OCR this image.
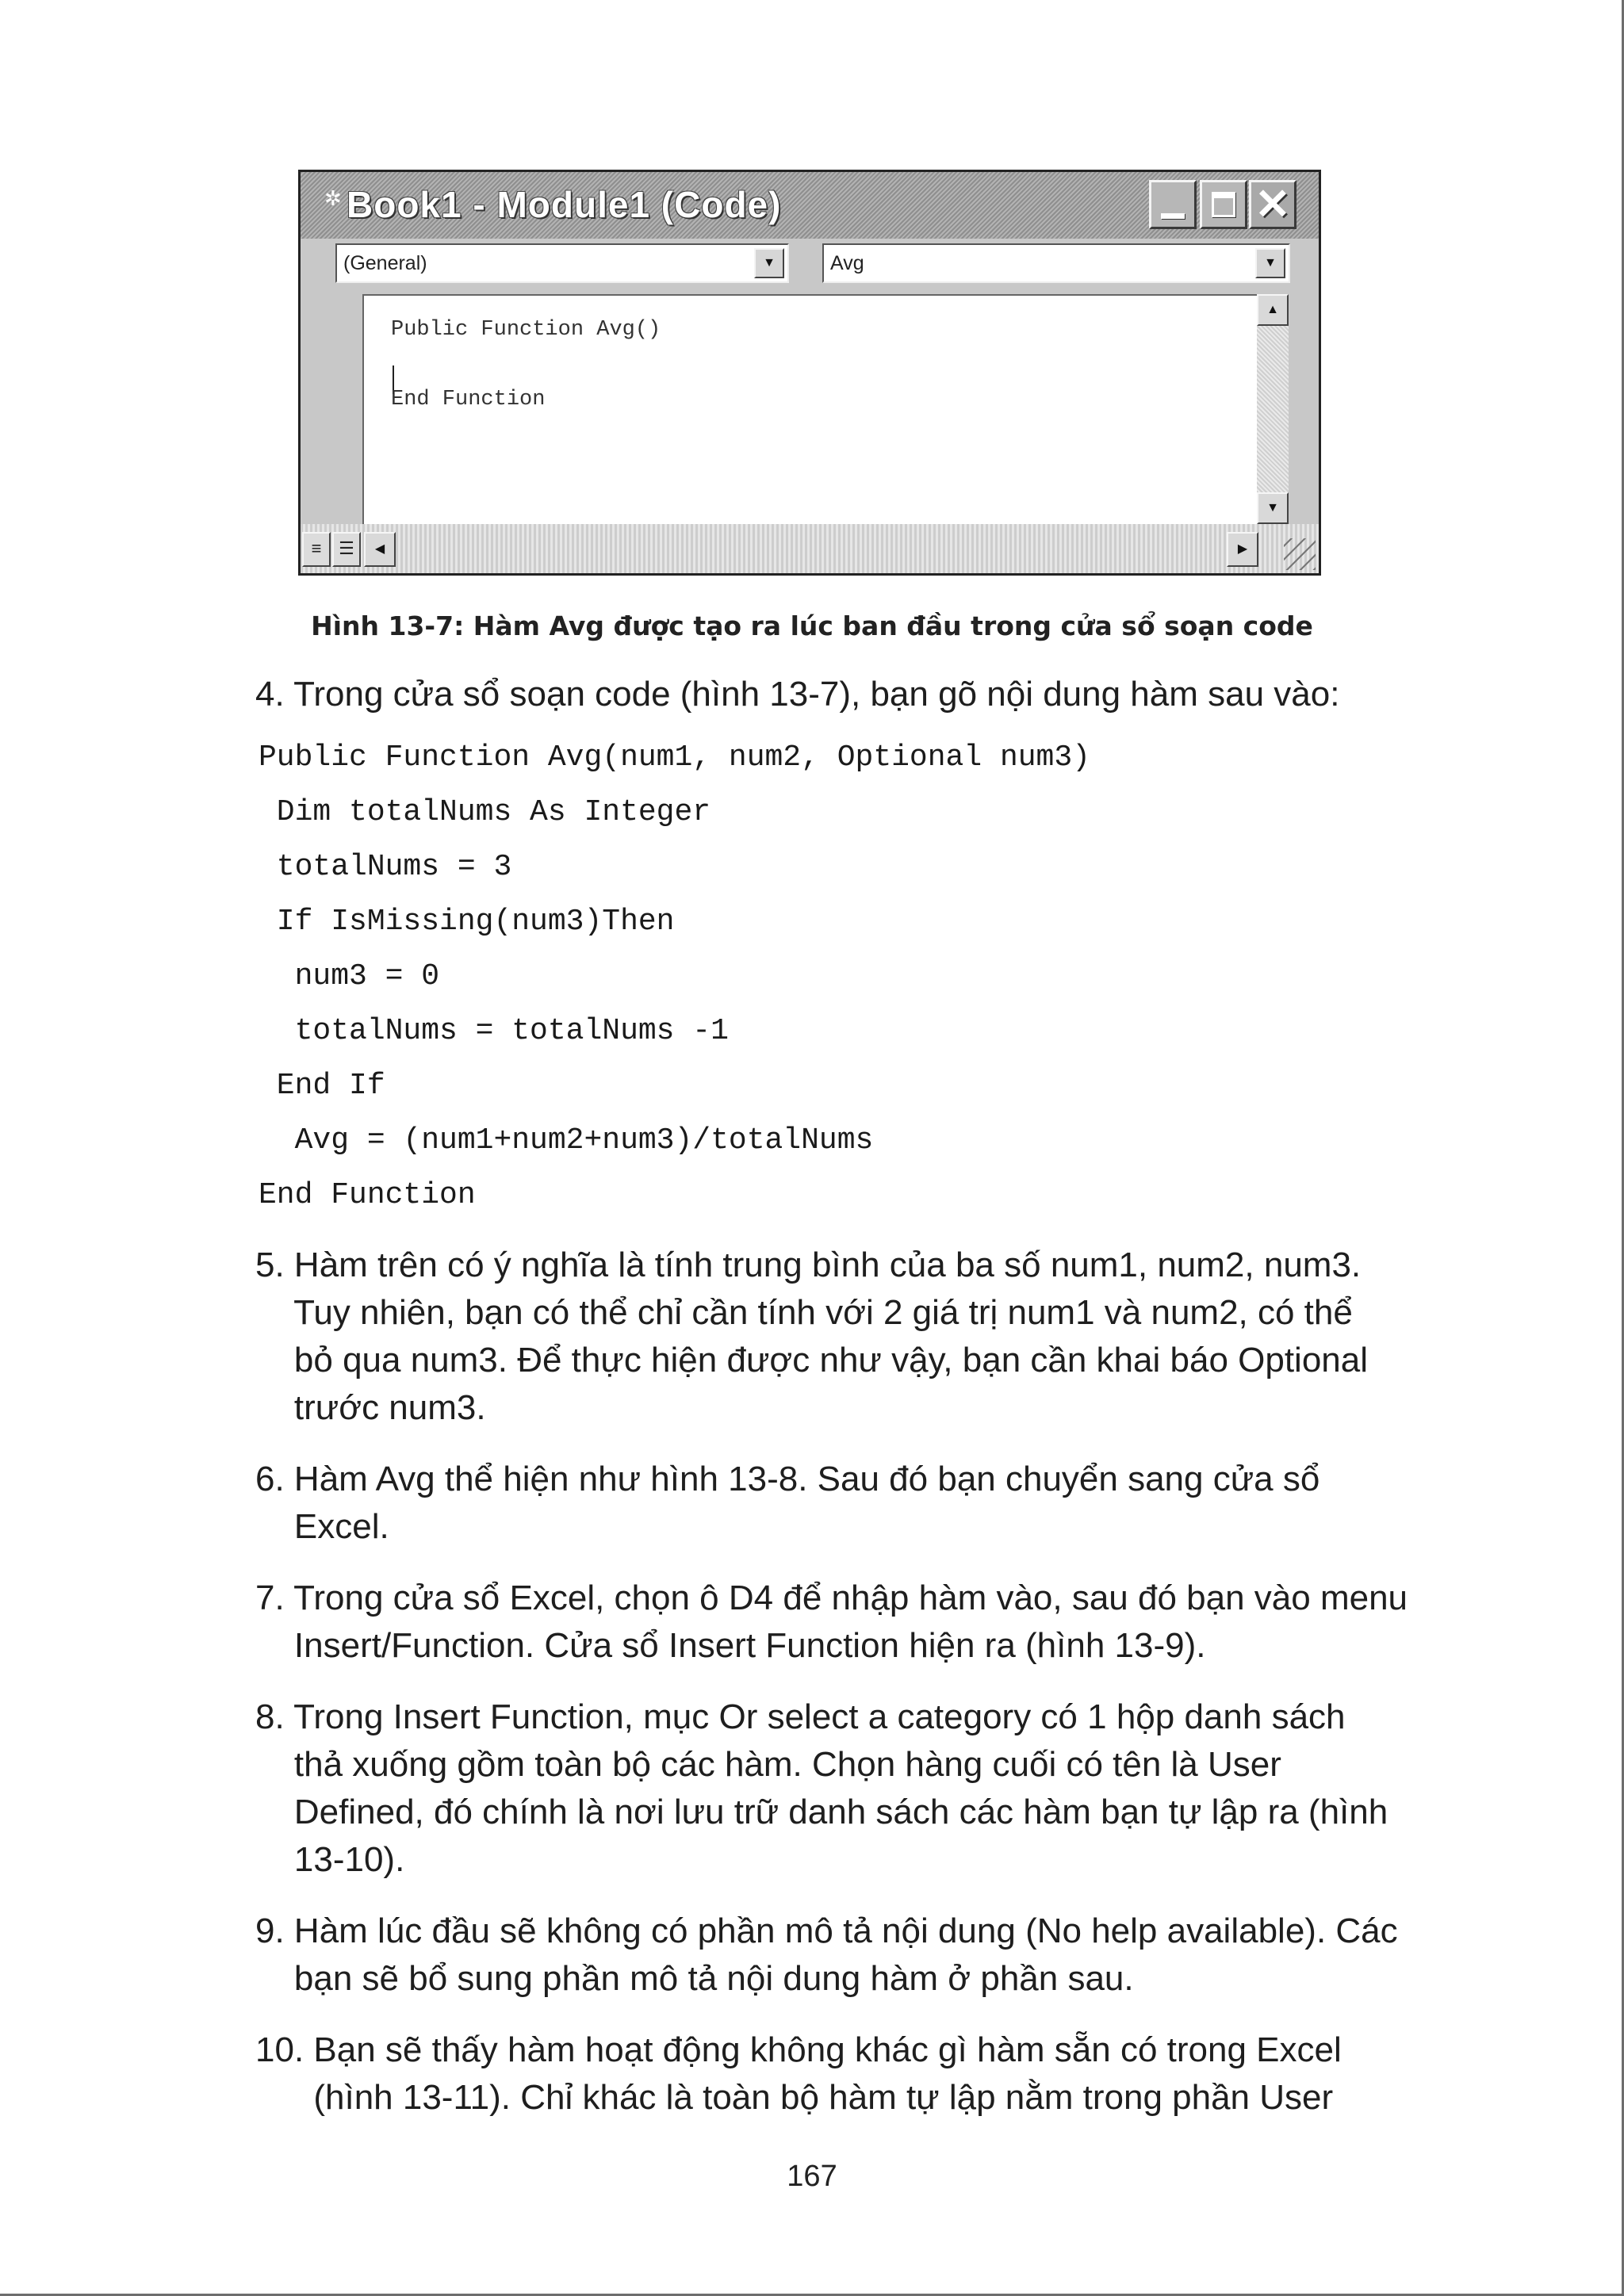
✲ Book1 - Module1 (Code)	✕
(General)	▼	Avg	▼
Public Function Avg()
End Function
▲
▼
≡ ☰	◀	▶
Hình 13-7: Hàm Avg được tạo ra lúc ban đầu trong cửa sổ soạn code
4. Trong cửa sổ soạn code (hình 13-7), bạn gõ nội dung hàm sau vào:
Public Function Avg(num1, num2, Optional num3)
Dim totalNums As Integer
totalNums = 3
If IsMissing(num3)Then
num3 = 0
totalNums = totalNums -1
End If
Avg = (num1+num2+num3)/totalNums
End Function
5. Hàm trên có ý nghĩa là tính trung bình của ba số num1, num2, num3.
Tuy nhiên, bạn có thể chỉ cần tính với 2 giá trị num1 và num2, có thể
bỏ qua num3. Để thực hiện được như vậy, bạn cần khai báo Optional
trước num3.
6. Hàm Avg thể hiện như hình 13-8. Sau đó bạn chuyển sang cửa sổ
Excel.
7. Trong cửa sổ Excel, chọn ô D4 để nhập hàm vào, sau đó bạn vào menu
Insert/Function. Cửa sổ Insert Function hiện ra (hình 13-9).
8. Trong Insert Function, mục Or select a category có 1 hộp danh sách
thả xuống gồm toàn bộ các hàm. Chọn hàng cuối có tên là User
Defined, đó chính là nơi lưu trữ danh sách các hàm bạn tự lập ra (hình
13-10).
9. Hàm lúc đầu sẽ không có phần mô tả nội dung (No help available). Các
bạn sẽ bổ sung phần mô tả nội dung hàm ở phần sau.
10. Bạn sẽ thấy hàm hoạt động không khác gì hàm sẵn có trong Excel
(hình 13-11). Chỉ khác là toàn bộ hàm tự lập nằm trong phần User
167
